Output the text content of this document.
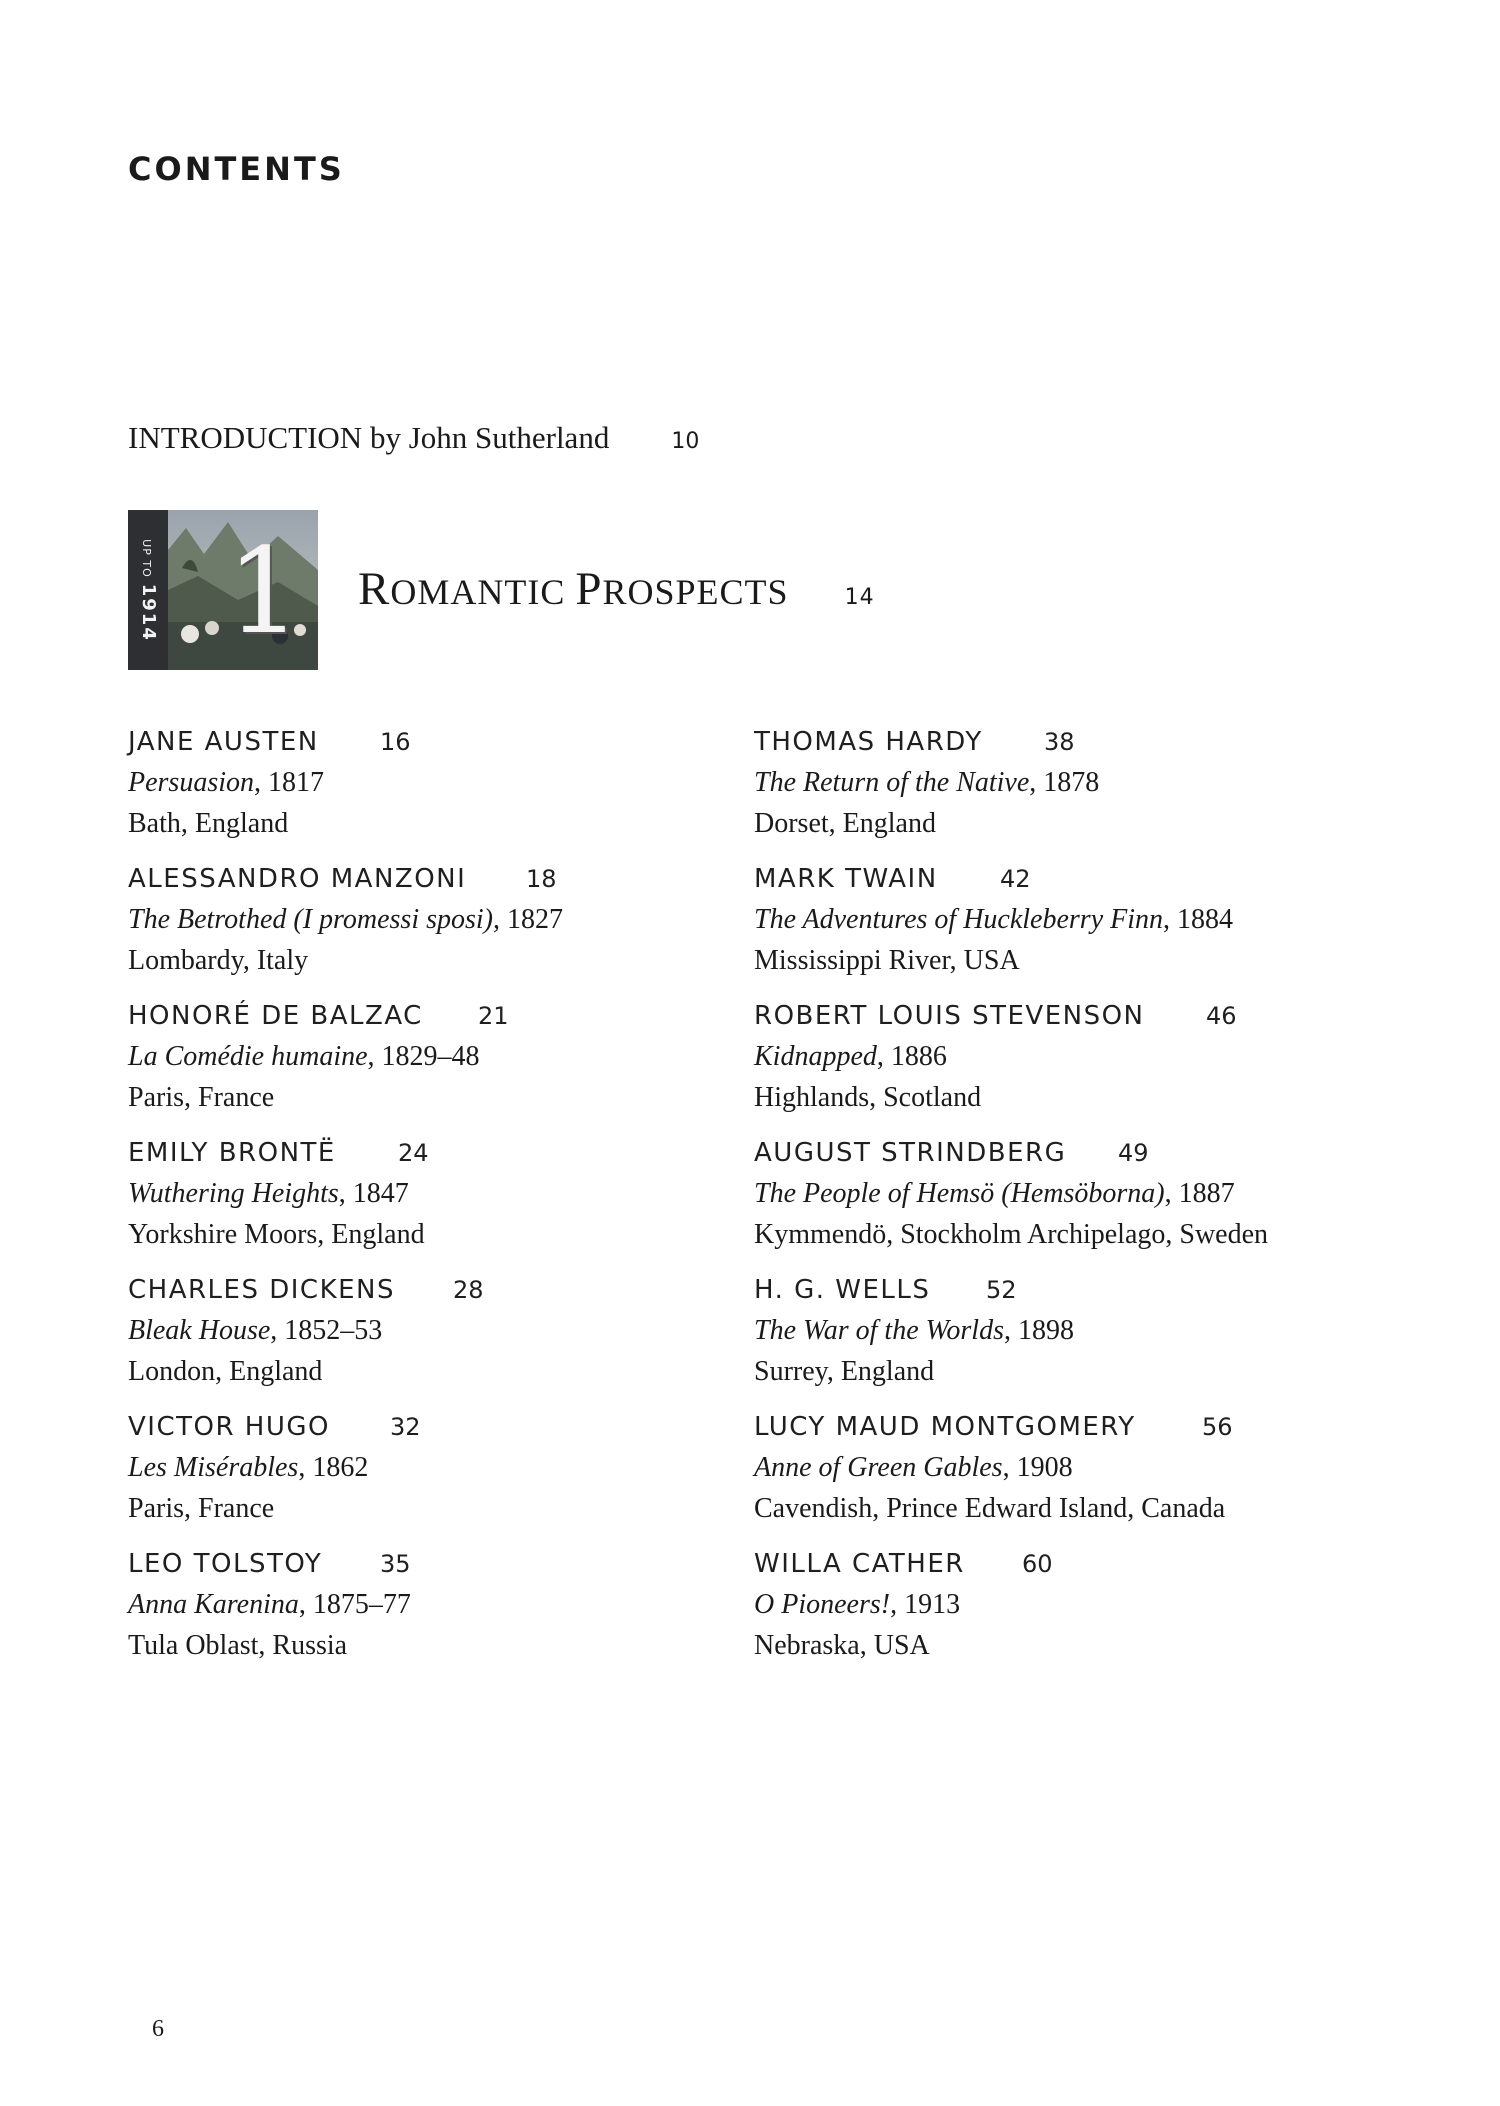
CONTENTS
INTRODUCTION by John Sutherland	10
UP TO1914 1	ROMANTIC PROSPECTS	14
JANE AUSTEN	16
Persuasion, 1817
Bath, England
ALESSANDRO MANZONI 18
The Betrothed (I promessi sposi), 1827
Lombardy, Italy
HONORÉ DE BALZAC 21
La Comédie humaine, 1829–48
Paris, France
EMILY BRONTË	24
Wuthering Heights, 1847
Yorkshire Moors, England
CHARLES DICKENS 28
Bleak House, 1852–53
London, England
VICTOR HUGO	32
Les Misérables, 1862
Paris, France
LEO TOLSTOY 35
Anna Karenina, 1875–77
Tula Oblast, Russia
THOMAS HARDY	38
The Return of the Native, 1878
Dorset, England
MARK TWAIN	42
The Adventures of Huckleberry Finn, 1884
Mississippi River, USA
ROBERT LOUIS STEVENSON	46
Kidnapped, 1886
Highlands, Scotland
AUGUST STRINDBERG 49
The People of Hemsö (Hemsöborna), 1887
Kymmendö, Stockholm Archipelago, Sweden
H. G. WELLS 52
The War of the Worlds, 1898
Surrey, England
LUCY MAUD MONTGOMERY	56
Anne of Green Gables, 1908
Cavendish, Prince Edward Island, Canada
WILLA CATHER 60
O Pioneers!, 1913
Nebraska, USA
6
